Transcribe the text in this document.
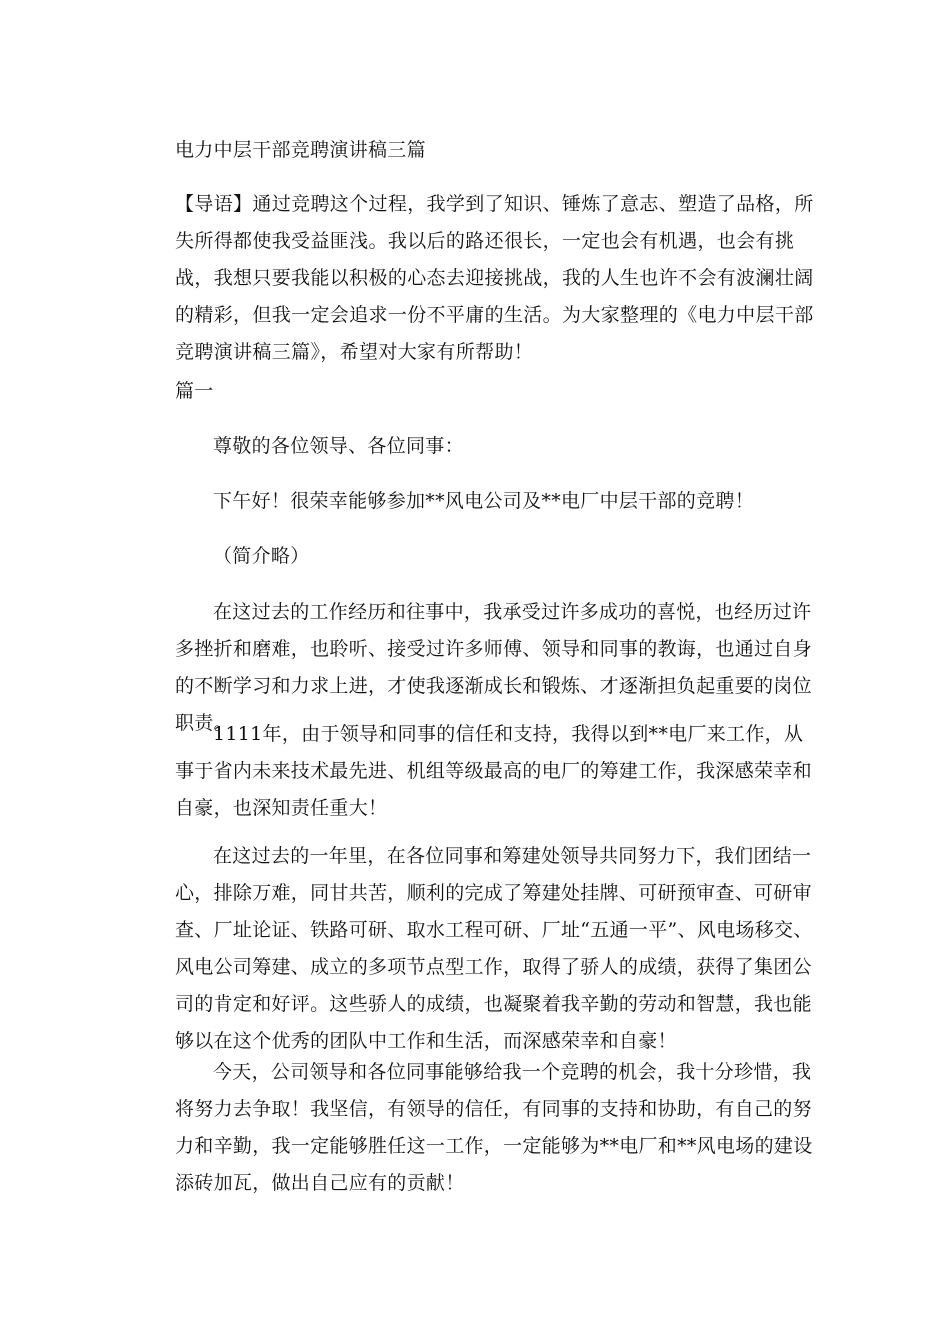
电力中层干部竞聘演讲稿三篇
【导语】通过竞聘这个过程，我学到了知识、锤炼了意志、塑造了品格，所失所得都使我受益匪浅。我以后的路还很长，一定也会有机遇，也会有挑战，我想只要我能以积极的心态去迎接挑战，我的人生也许不会有波澜壮阔的精彩，但我一定会追求一份不平庸的生活。为大家整理的《电力中层干部竞聘演讲稿三篇》，希望对大家有所帮助！
篇一
尊敬的各位领导、各位同事：
下午好！很荣幸能够参加**风电公司及**电厂中层干部的竞聘！
（简介略）
在这过去的工作经历和往事中，我承受过许多成功的喜悦，也经历过许多挫折和磨难，也聆听、接受过许多师傅、领导和同事的教诲，也通过自身的不断学习和力求上进，才使我逐渐成长和锻炼、才逐渐担负起重要的岗位职责。
1111年，由于领导和同事的信任和支持，我得以到**电厂来工作，从事于省内未来技术最先进、机组等级最高的电厂的筹建工作，我深感荣幸和自豪，也深知责任重大！
在这过去的一年里，在各位同事和筹建处领导共同努力下，我们团结一心，排除万难，同甘共苦，顺利的完成了筹建处挂牌、可研预审查、可研审查、厂址论证、铁路可研、取水工程可研、厂址“五通一平”、风电场移交、风电公司筹建、成立的多项节点型工作，取得了骄人的成绩，获得了集团公司的肯定和好评。这些骄人的成绩，也凝聚着我辛勤的劳动和智慧，我也能够以在这个优秀的团队中工作和生活，而深感荣幸和自豪！
今天，公司领导和各位同事能够给我一个竞聘的机会，我十分珍惜，我将努力去争取！我坚信，有领导的信任，有同事的支持和协助，有自己的努力和辛勤，我一定能够胜任这一工作，一定能够为**电厂和**风电场的建设添砖加瓦，做出自己应有的贡献！
